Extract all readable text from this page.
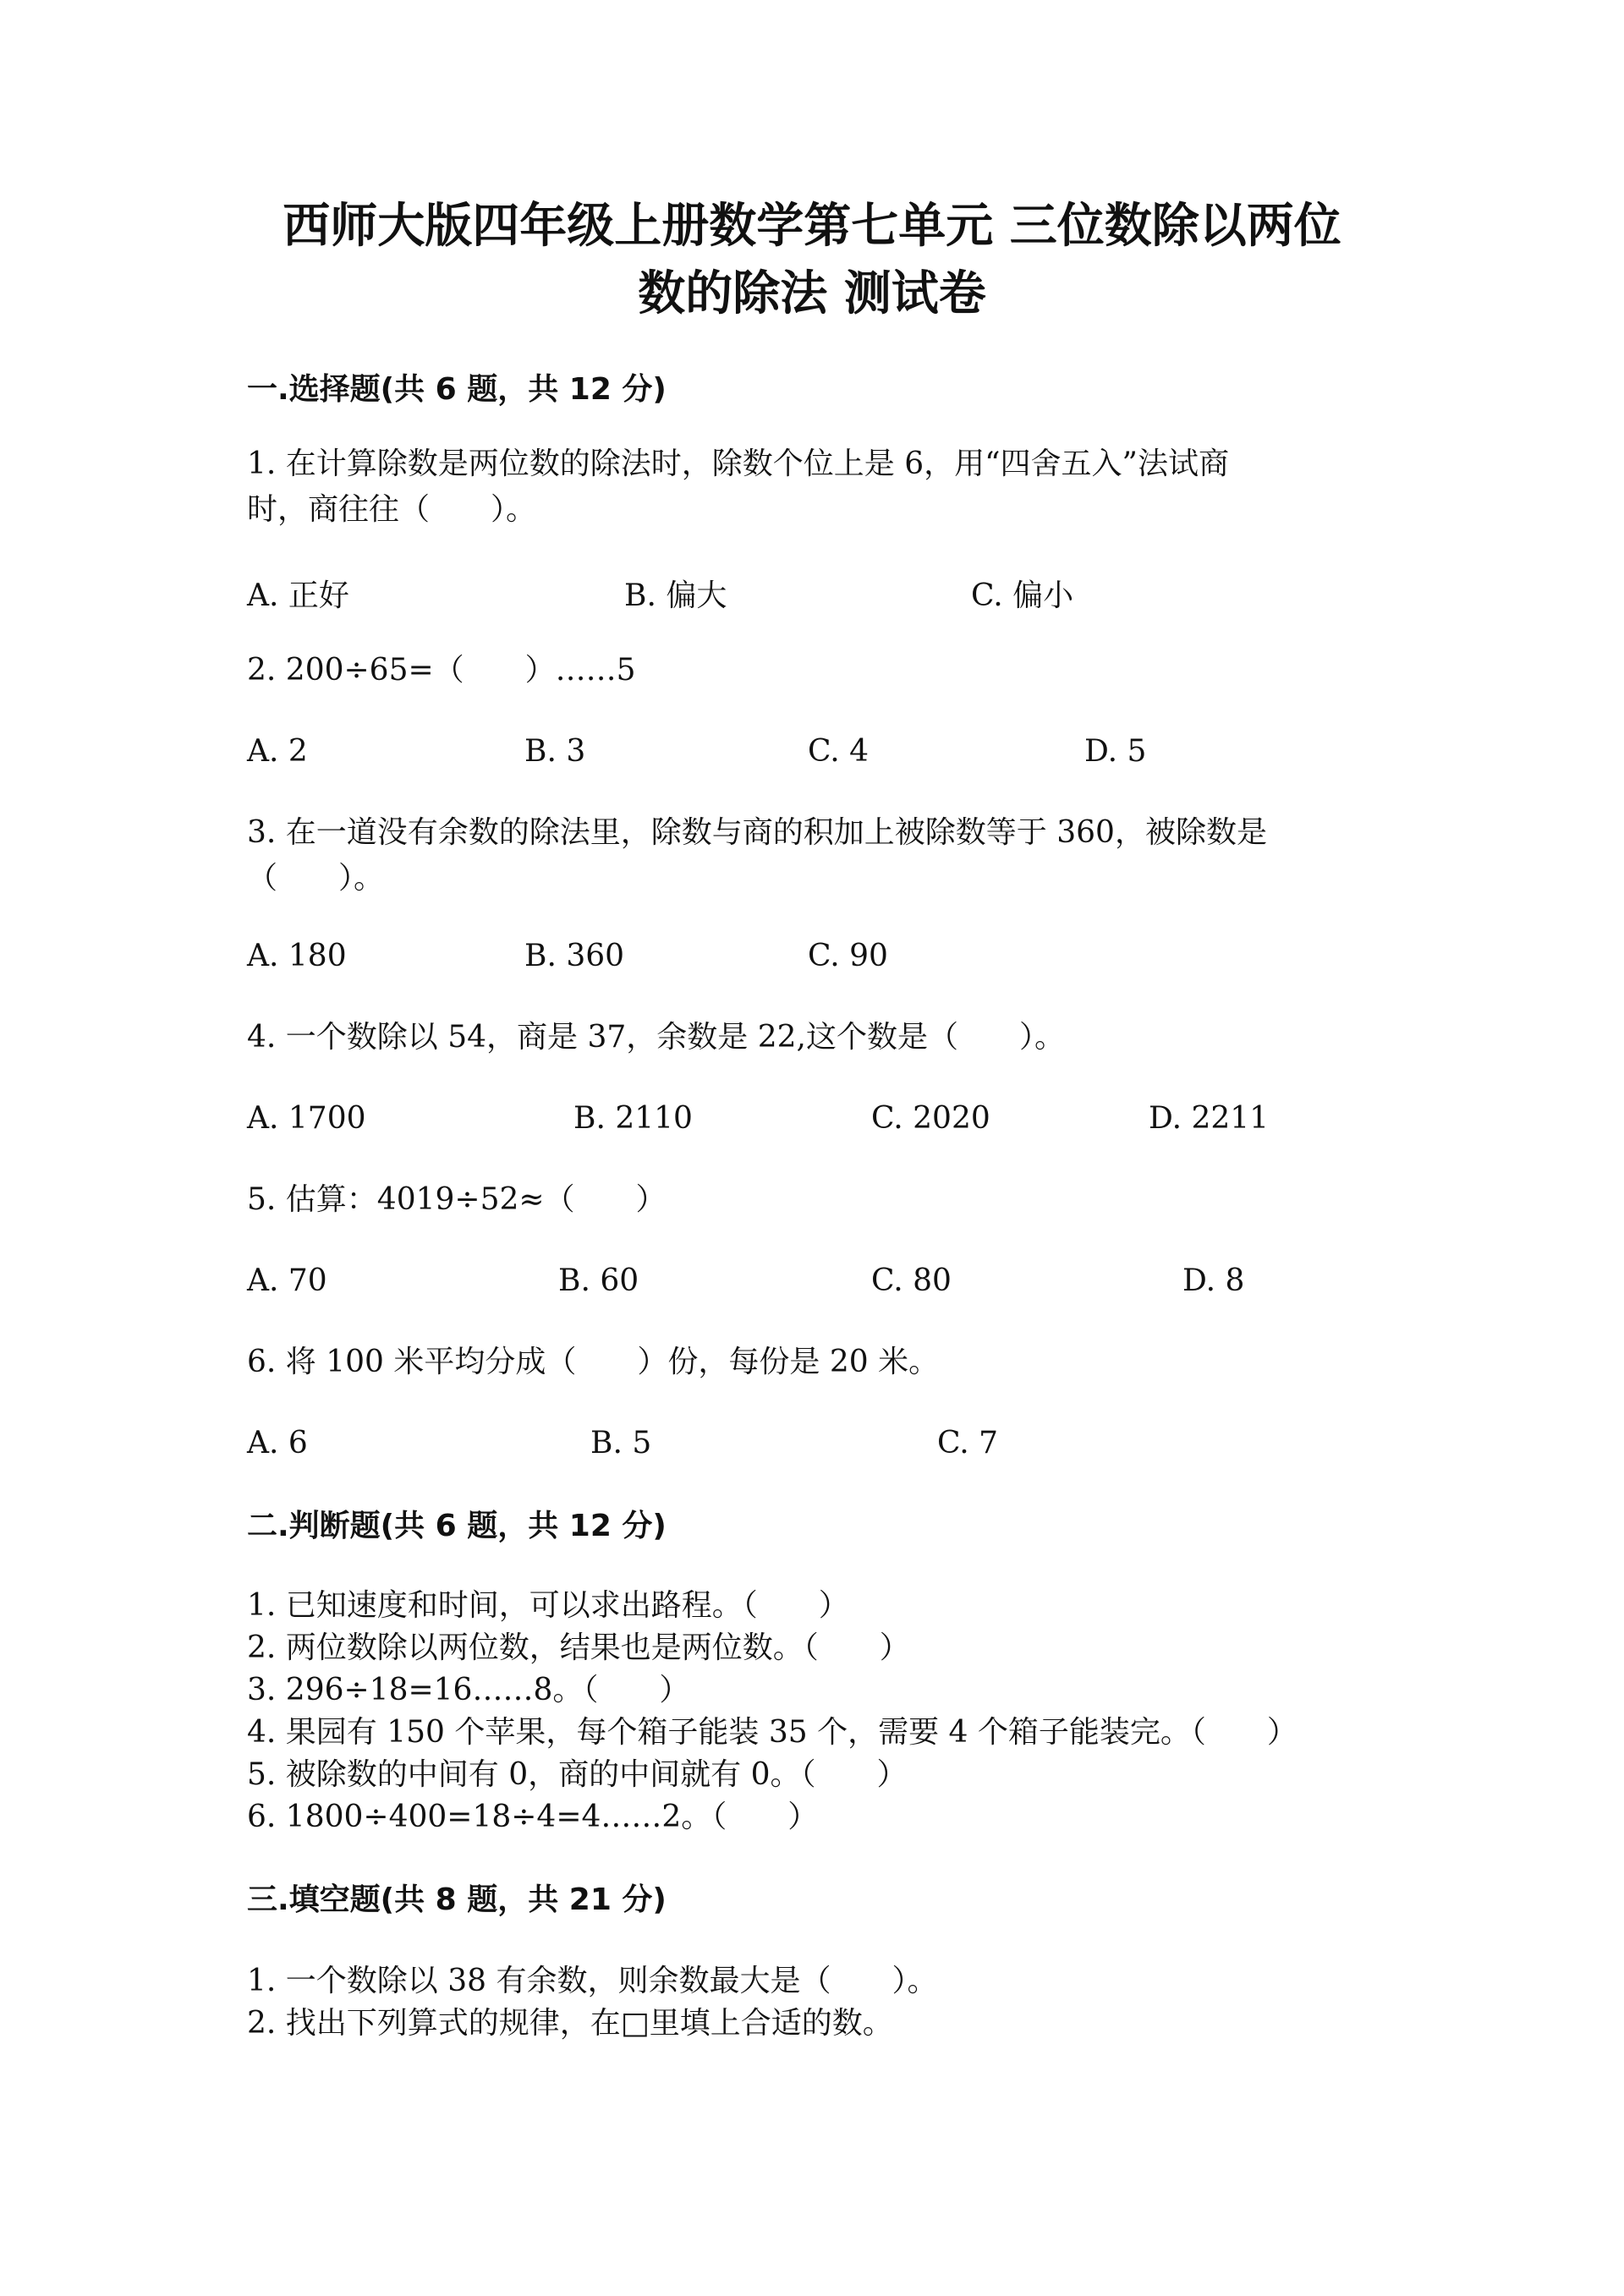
西师大版四年级上册数学第七单元 三位数除以两位
数的除法 测试卷
一.选择题(共 6 题，共 12 分)
1. 在计算除数是两位数的除法时，除数个位上是 6，用“四舍五入”法试商
时，商往往（　　）。
A. 正好	B. 偏大	C. 偏小
2. 200÷65=（　　）……5
A. 2	B. 3	C. 4	D. 5
3. 在一道没有余数的除法里，除数与商的积加上被除数等于 360，被除数是
（　　）。
A. 180	B. 360	C. 90
4. 一个数除以 54，商是 37，余数是 22,这个数是（　　）。
A. 1700	B. 2110	C. 2020	D. 2211
5. 估算：4019÷52≈（　　）
A. 70	B. 60	C. 80	D. 8
6. 将 100 米平均分成（　　）份，每份是 20 米。
A. 6	B. 5	C. 7
二.判断题(共 6 题，共 12 分)
1. 已知速度和时间，可以求出路程。（　　）
2. 两位数除以两位数，结果也是两位数。（　　）
3. 296÷18=16……8。（　　）
4. 果园有 150 个苹果，每个箱子能装 35 个，需要 4 个箱子能装完。（　　）
5. 被除数的中间有 0，商的中间就有 0。（　　）
6. 1800÷400=18÷4=4……2。（　　）
三.填空题(共 8 题，共 21 分)
1. 一个数除以 38 有余数，则余数最大是（　　）。
2. 找出下列算式的规律，在□里填上合适的数。
